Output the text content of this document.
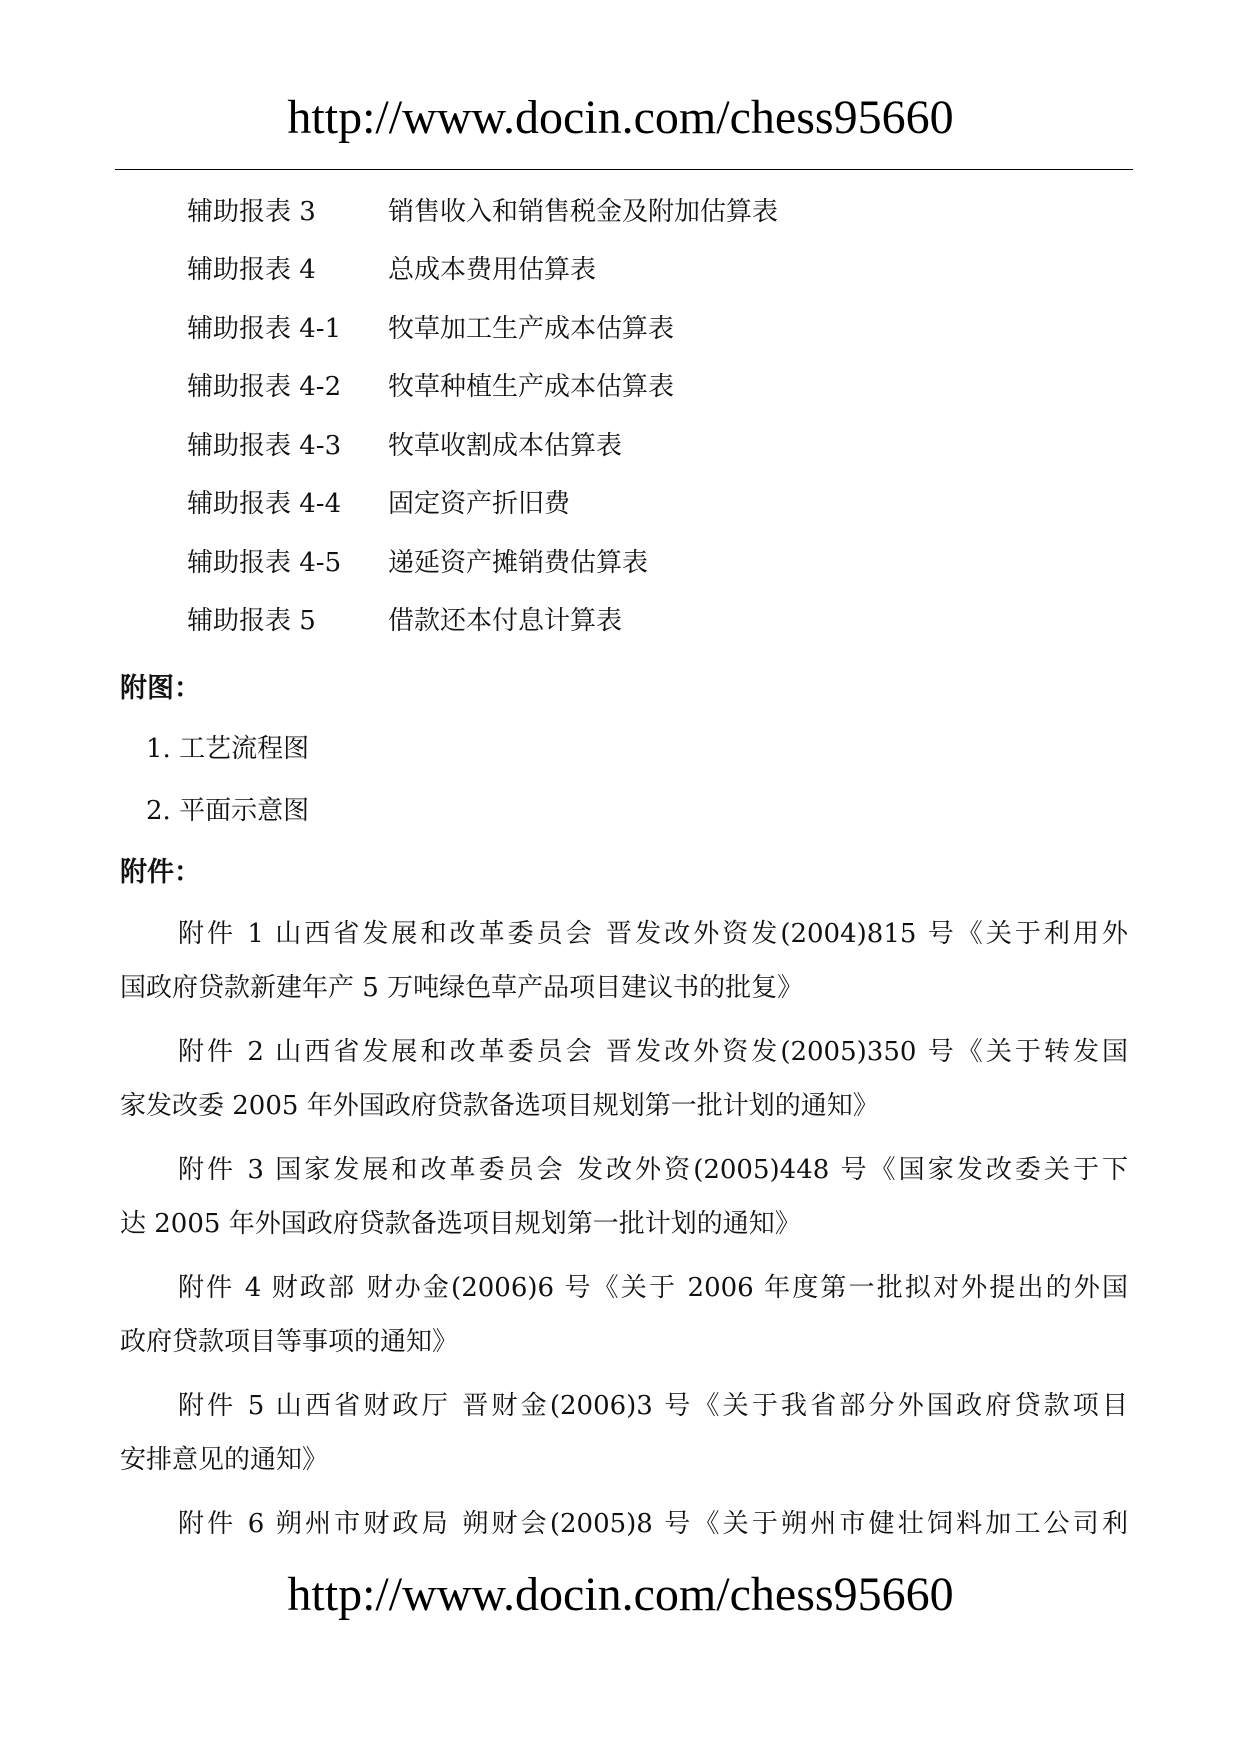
http://www.docin.com/chess95660
辅助报表 3	销售收入和销售税金及附加估算表
辅助报表 4	总成本费用估算表
辅助报表 4-1	牧草加工生产成本估算表
辅助报表 4-2	牧草种植生产成本估算表
辅助报表 4-3	牧草收割成本估算表
辅助报表 4-4	固定资产折旧费
辅助报表 4-5	递延资产摊销费估算表
辅助报表 5	借款还本付息计算表
附图：
1. 工艺流程图
2. 平面示意图
附件：
附件 1 山西省发展和改革委员会 晋发改外资发(2004)815 号《关于利用外
国政府贷款新建年产 5 万吨绿色草产品项目建议书的批复》
附件 2 山西省发展和改革委员会 晋发改外资发(2005)350 号《关于转发国
家发改委 2005 年外国政府贷款备选项目规划第一批计划的通知》
附件 3 国家发展和改革委员会 发改外资(2005)448 号《国家发改委关于下
达 2005 年外国政府贷款备选项目规划第一批计划的通知》
附件 4 财政部 财办金(2006)6 号《关于 2006 年度第一批拟对外提出的外国
政府贷款项目等事项的通知》
附件 5 山西省财政厅 晋财金(2006)3 号《关于我省部分外国政府贷款项目
安排意见的通知》
附件 6 朔州市财政局 朔财会(2005)8 号《关于朔州市健壮饲料加工公司利
http://www.docin.com/chess95660
